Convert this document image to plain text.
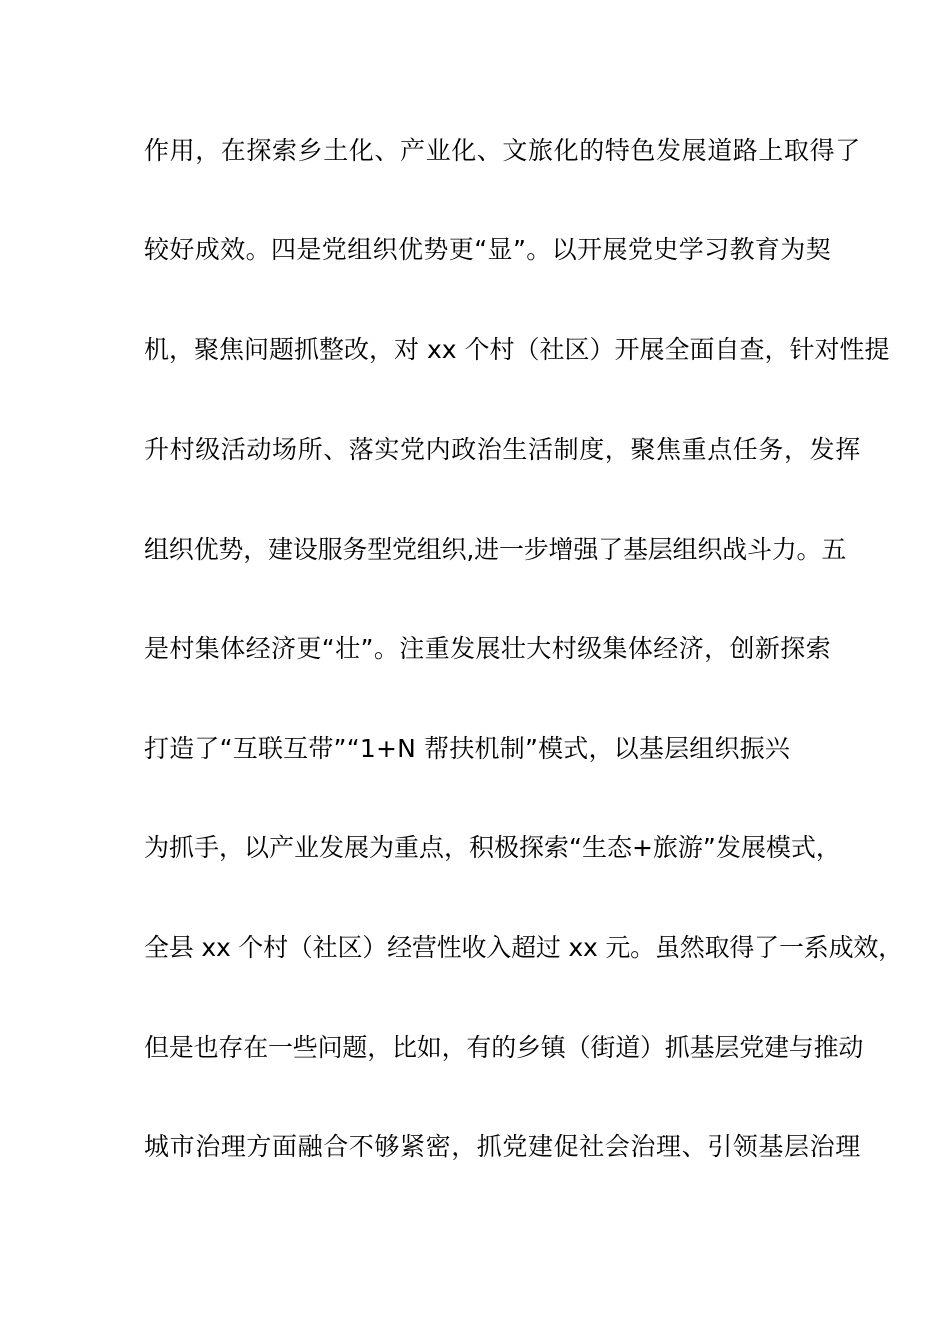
作用，在探索乡土化、产业化、文旅化的特色发展道路上取得了
较好成效。四是党组织优势更“显”。以开展党史学习教育为契
机，聚焦问题抓整改，对 xx 个村（社区）开展全面自查，针对性提
升村级活动场所、落实党内政治生活制度，聚焦重点任务，发挥
组织优势，建设服务型党组织,进一步增强了基层组织战斗力。五
是村集体经济更“壮”。注重发展壮大村级集体经济，创新探索
打造了“互联互带”“1+N 帮扶机制”模式，以基层组织振兴
为抓手，以产业发展为重点，积极探索“生态+旅游”发展模式，
全县 xx 个村（社区）经营性收入超过 xx 元。虽然取得了一系成效，
但是也存在一些问题，比如，有的乡镇（街道）抓基层党建与推动
城市治理方面融合不够紧密，抓党建促社会治理、引领基层治理
